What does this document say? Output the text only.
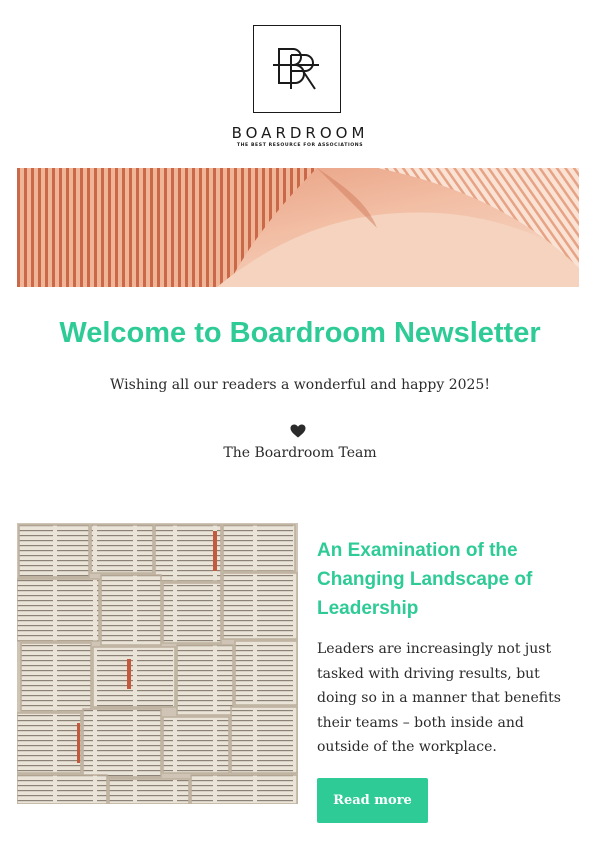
BOARDROOM
THE BEST RESOURCE FOR ASSOCIATIONS
Welcome to Boardroom Newsletter

Wishing all our readers a wonderful and happy 2025!

The Boardroom Team

An Examination of the Changing Landscape of Leadership

Leaders are increasingly not just tasked with driving results, but doing so in a manner that benefits their teams – both inside and outside of the workplace.

Read more
